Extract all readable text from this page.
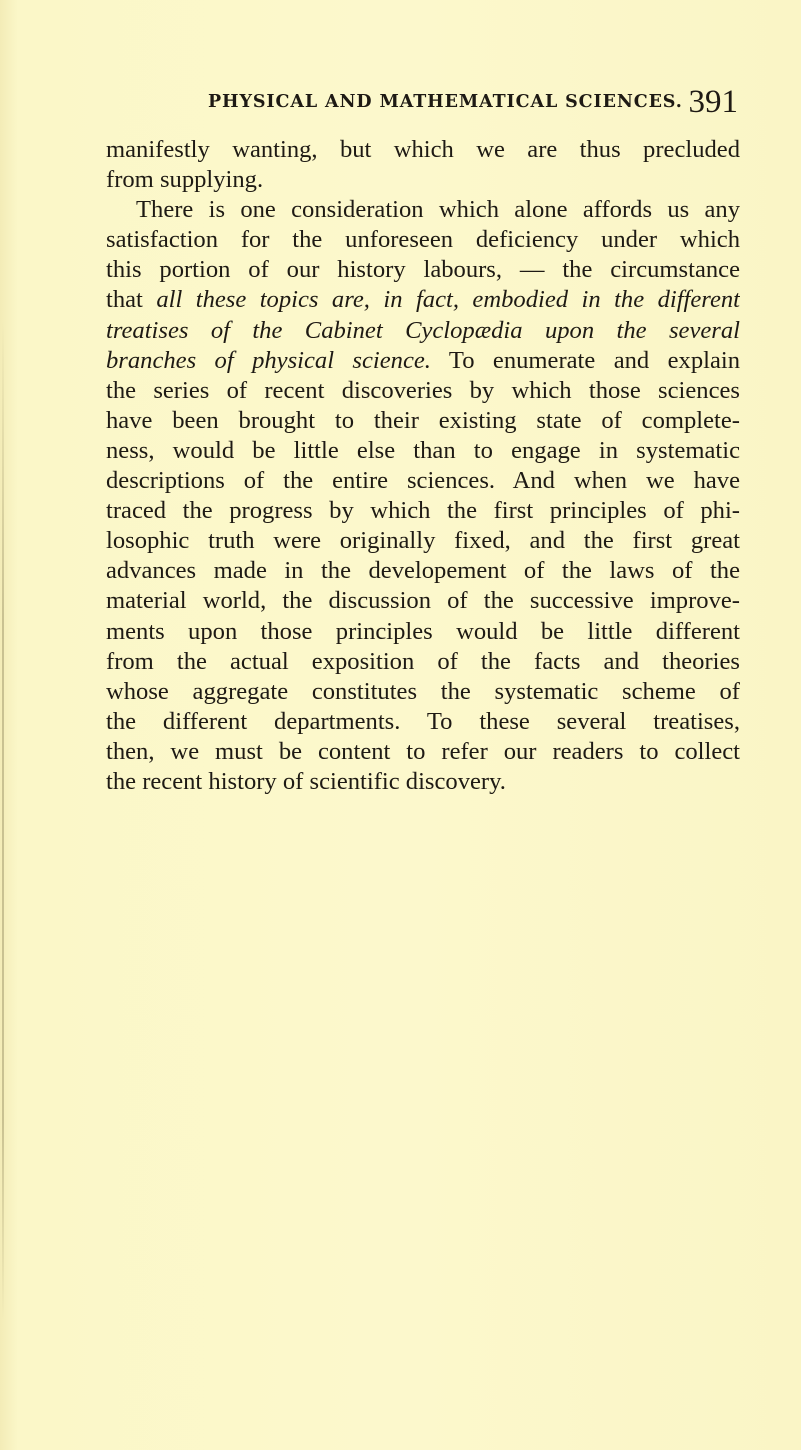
PHYSICAL AND MATHEMATICAL SCIENCES. 391
manifestly wanting, but which we are thus precluded
from supplying.
There is one consideration which alone affords us any
satisfaction for the unforeseen deficiency under which
this portion of our history labours, — the circumstance
that all these topics are, in fact, embodied in the different
treatises of the Cabinet Cyclopædia upon the several
branches of physical science. To enumerate and explain
the series of recent discoveries by which those sciences
have been brought to their existing state of complete-
ness, would be little else than to engage in systematic
descriptions of the entire sciences. And when we have
traced the progress by which the first principles of phi-
losophic truth were originally fixed, and the first great
advances made in the developement of the laws of the
material world, the discussion of the successive improve-
ments upon those principles would be little different
from the actual exposition of the facts and theories
whose aggregate constitutes the systematic scheme of
the different departments. To these several treatises,
then, we must be content to refer our readers to collect
the recent history of scientific discovery.
